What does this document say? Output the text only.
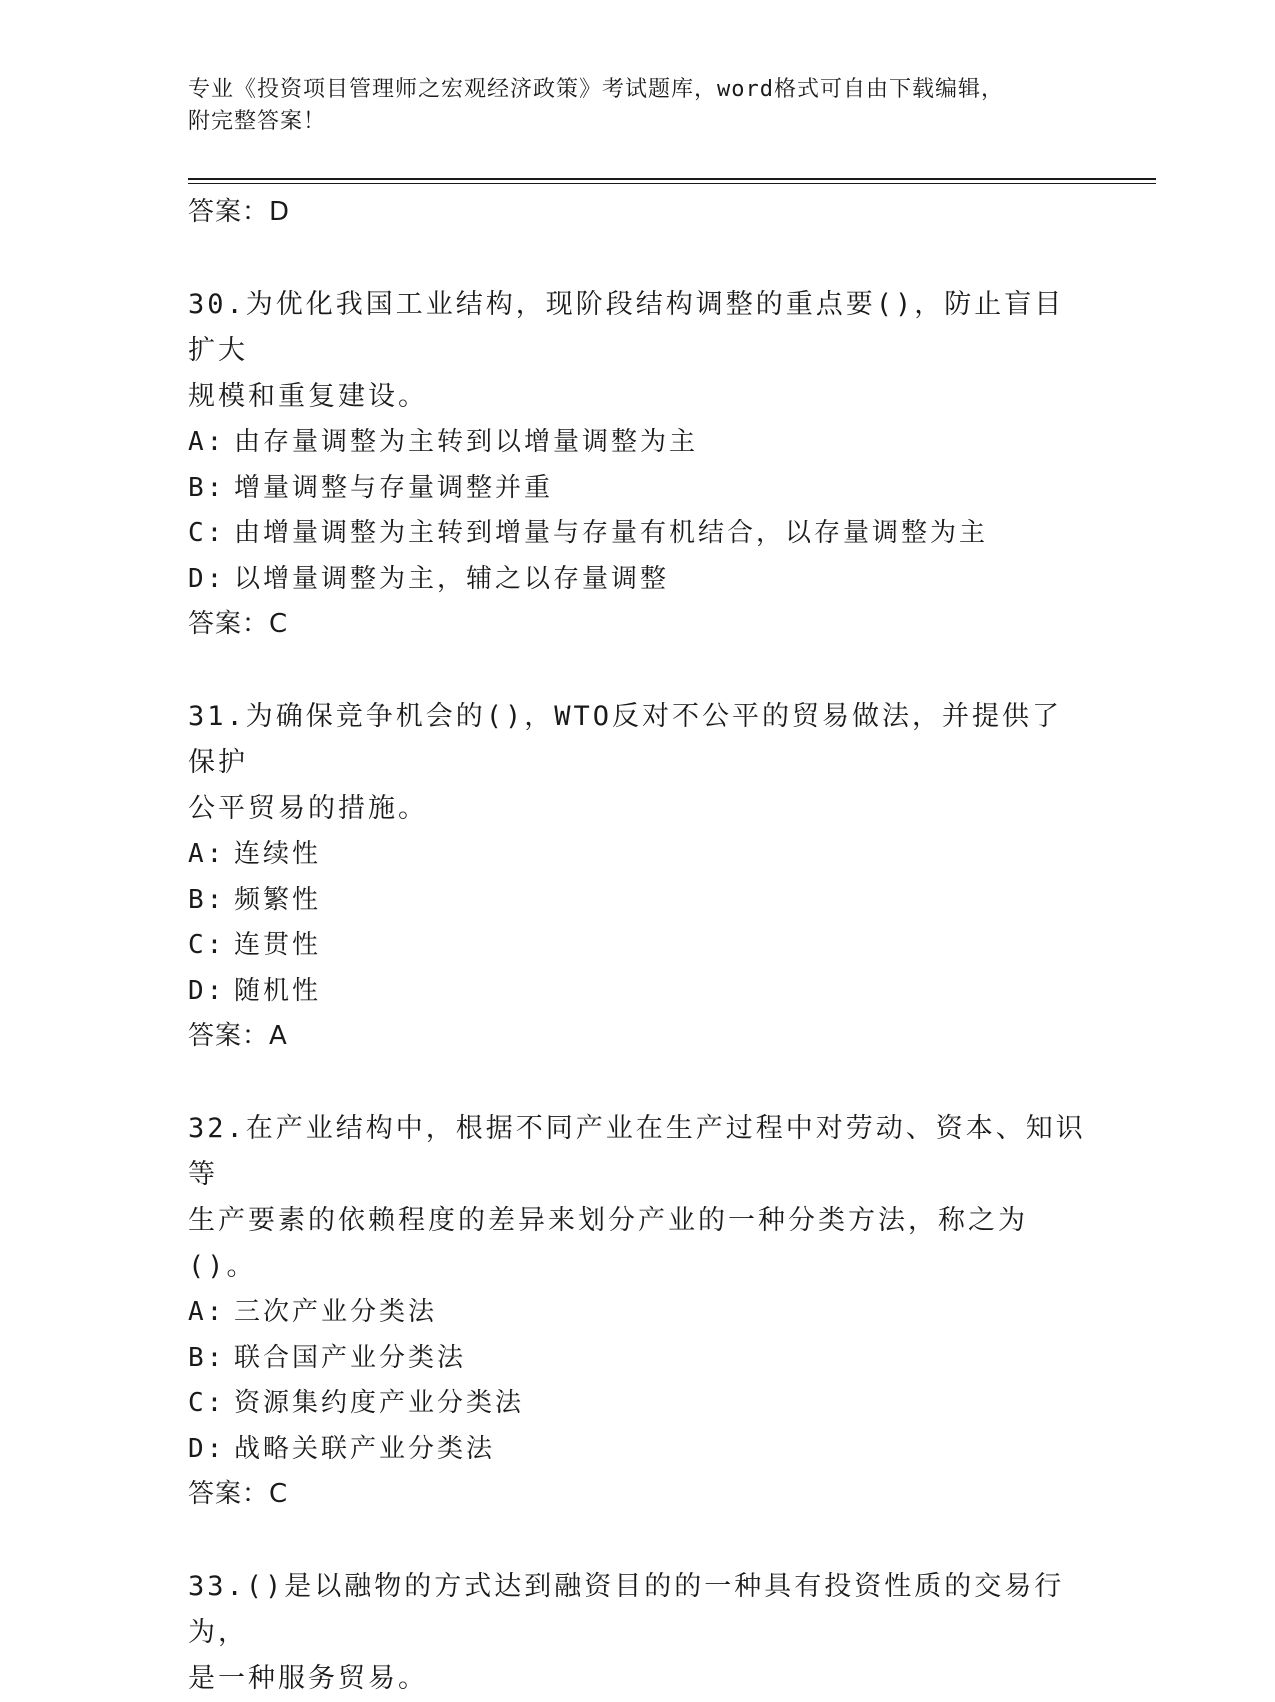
专业《投资项目管理师之宏观经济政策》考试题库，word格式可自由下载编辑，
附完整答案！
答案：D
30.为优化我国工业结构，现阶段结构调整的重点要()，防止盲目扩大
规模和重复建设。
A: 由存量调整为主转到以增量调整为主
B: 增量调整与存量调整并重
C: 由增量调整为主转到增量与存量有机结合，以存量调整为主
D: 以增量调整为主，辅之以存量调整
答案：C
31.为确保竞争机会的()，WTO反对不公平的贸易做法，并提供了保护
公平贸易的措施。
A: 连续性
B: 频繁性
C: 连贯性
D: 随机性
答案：A
32.在产业结构中，根据不同产业在生产过程中对劳动、资本、知识等
生产要素的依赖程度的差异来划分产业的一种分类方法，称之为()。
A: 三次产业分类法
B: 联合国产业分类法
C: 资源集约度产业分类法
D: 战略关联产业分类法
答案：C
33.()是以融物的方式达到融资目的的一种具有投资性质的交易行为，
是一种服务贸易。
